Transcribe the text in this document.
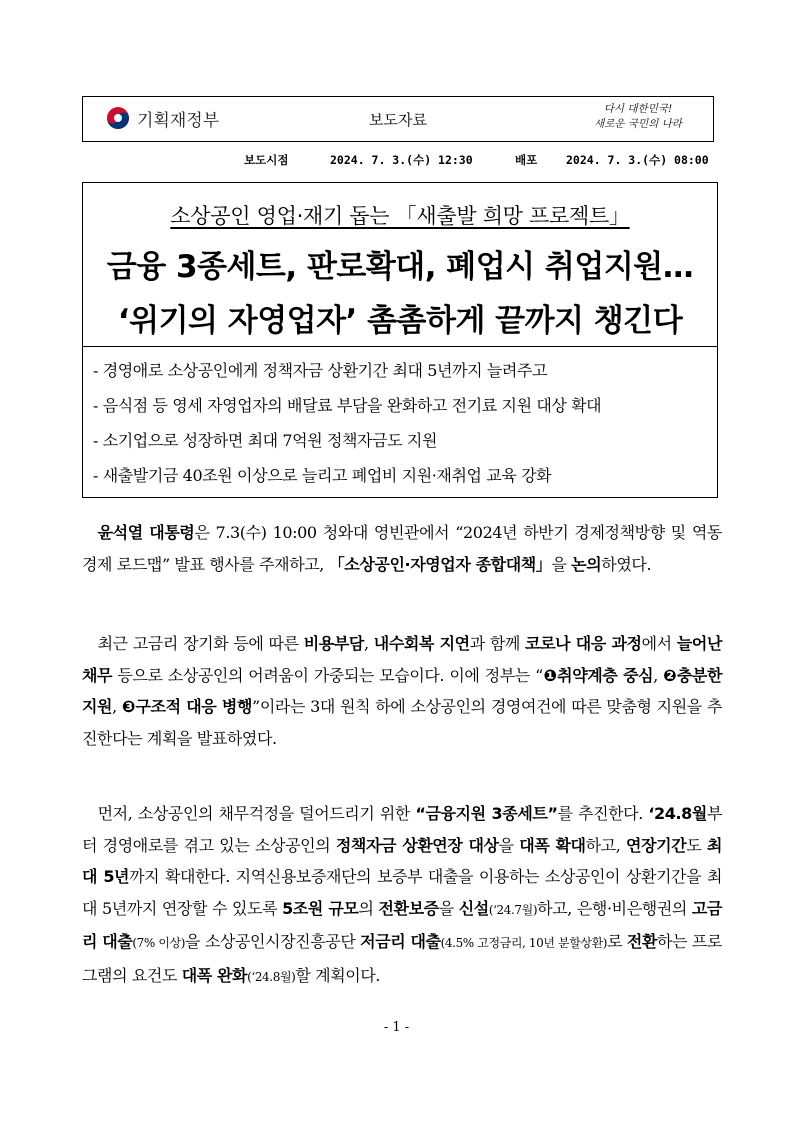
기획재정부	보도자료
다시 대한민국!
새로운 국민의 나라
보도시점	2024. 7. 3.(수) 12:30	배포	2024. 7. 3.(수) 08:00
소상공인 영업·재기 돕는 「새출발 희망 프로젝트」
금융 3종세트, 판로확대, 폐업시 취업지원…
‘위기의 자영업자’ 촘촘하게 끝까지 챙긴다
- 경영애로 소상공인에게 정책자금 상환기간 최대 5년까지 늘려주고
- 음식점 등 영세 자영업자의 배달료 부담을 완화하고 전기료 지원 대상 확대
- 소기업으로 성장하면 최대 7억원 정책자금도 지원
- 새출발기금 40조원 이상으로 늘리고 폐업비 지원·재취업 교육 강화

 윤석열 대통령은 7.3(수) 10:00 청와대 영빈관에서 “2024년 하반기 경제정책방향 및 역동경제 로드맵” 발표 행사를 주재하고, 「소상공인·자영업자 종합대책」을 논의하였다.

 최근 고금리 장기화 등에 따른 비용부담, 내수회복 지연과 함께 코로나 대응 과정에서 늘어난 채무 등으로 소상공인의 어려움이 가중되는 모습이다. 이에 정부는 “❶취약계층 중심, ❷충분한 지원, ❸구조적 대응 병행”이라는 3대 원칙 하에 소상공인의 경영여건에 따른 맞춤형 지원을 추진한다는 계획을 발표하였다.

 먼저, 소상공인의 채무걱정을 덜어드리기 위한 “금융지원 3종세트”를 추진한다. ‘24.8월부터 경영애로를 겪고 있는 소상공인의 정책자금 상환연장 대상을 대폭 확대하고, 연장기간도 최대 5년까지 확대한다. 지역신용보증재단의 보증부 대출을 이용하는 소상공인이 상환기간을 최대 5년까지 연장할 수 있도록 5조원 규모의 전환보증을 신설(‘24.7월)하고, 은행·비은행권의 고금리 대출(7% 이상)을 소상공인시장진흥공단 저금리 대출(4.5% 고정금리, 10년 분할상환)로 전환하는 프로그램의 요건도 대폭 완화(‘24.8월)할 계획이다.

- 1 -
